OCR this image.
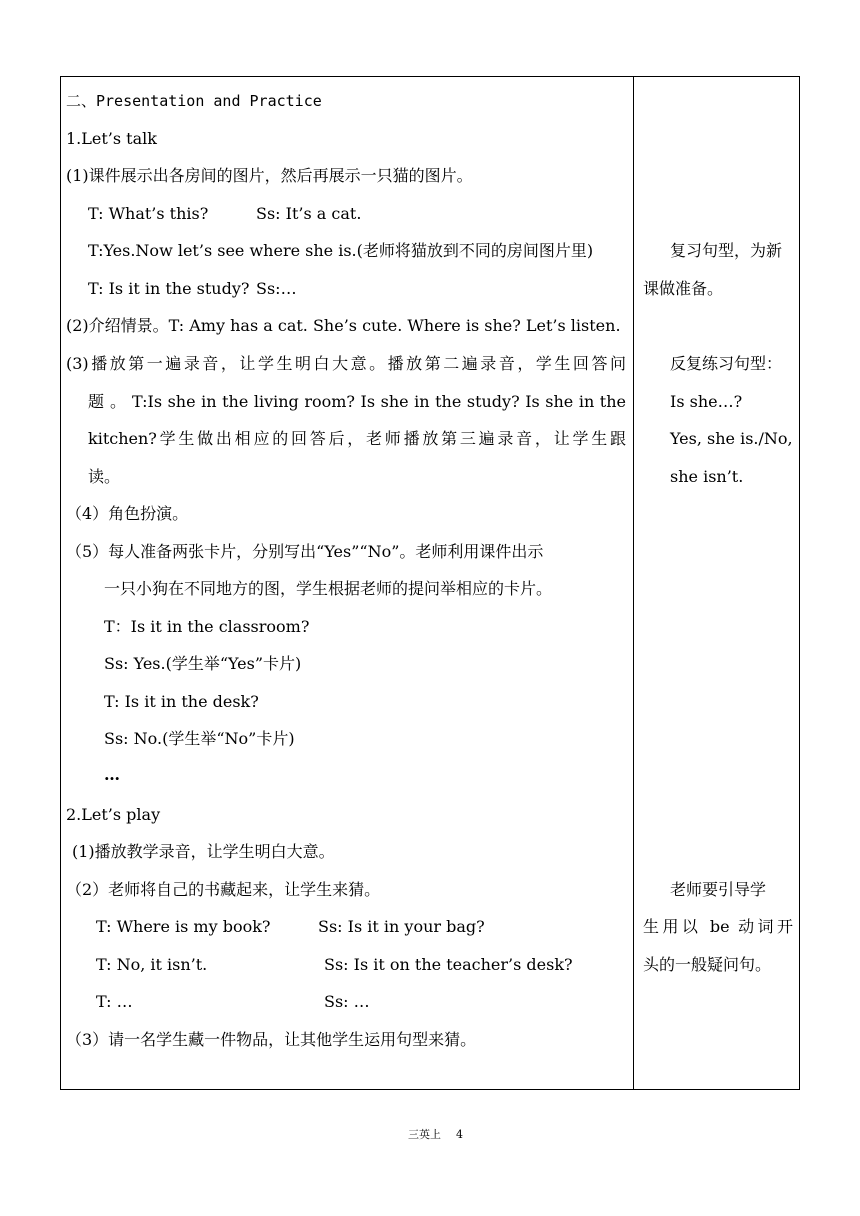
二、Presentation and Practice
1.Let’s talk
(1)课件展示出各房间的图片，然后再展示一只猫的图片。
T: What’s this?	Ss: It’s a cat.
T:Yes.Now let’s see where she is.(老师将猫放到不同的房间图片里)
T: Is it in the study? Ss:…
(2)介绍情景。T: Amy has a cat. She’s cute. Where is she? Let’s listen.
(3)播放第一遍录音，让学生明白大意。播放第二遍录音，学生回答问
题 。 T:Is she in the living room? Is she in the study? Is she in the
kitchen?学生做出相应的回答后，老师播放第三遍录音，让学生跟
读。
（4）角色扮演。
（5）每人准备两张卡片，分别写出“Yes”“No”。老师利用课件出示
一只小狗在不同地方的图，学生根据老师的提问举相应的卡片。
T：Is it in the classroom?
Ss: Yes.(学生举“Yes”卡片)
T: Is it in the desk?
Ss: No.(学生举“No”卡片)
…
2.Let’s play
(1)播放教学录音，让学生明白大意。
（2）老师将自己的书藏起来，让学生来猜。
T: Where is my book?	Ss: Is it in your bag?
T: No, it isn’t.	Ss: Is it on the teacher’s desk?
T: …	Ss: …
（3）请一名学生藏一件物品，让其他学生运用句型来猜。
复习句型，为新
课做准备。
反复练习句型：
Is she…?
Yes, she is./No,
she isn’t.
老师要引导学
生用以 be 动词开
头的一般疑问句。
三英上 4
